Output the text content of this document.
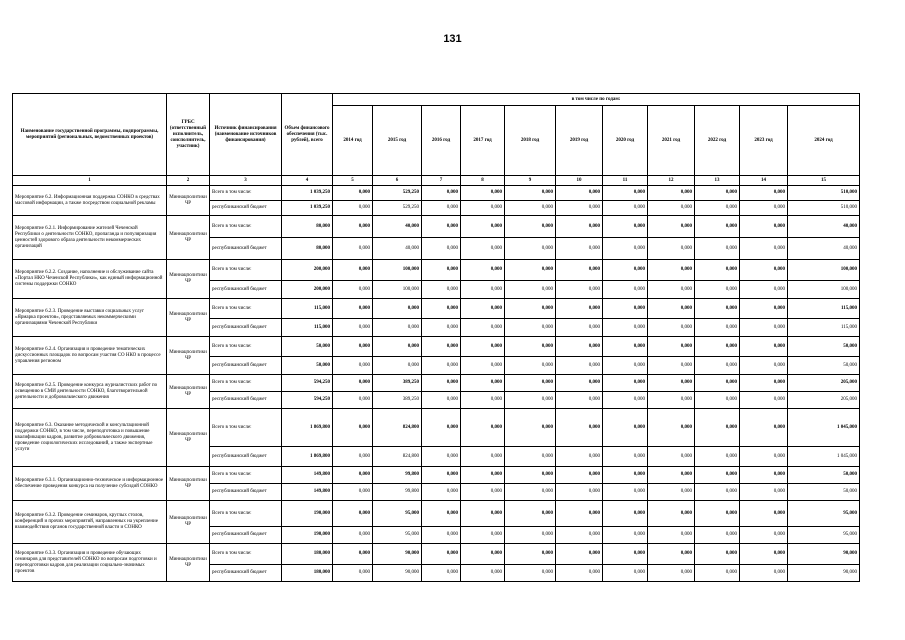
131
Наименование государственной программы, подпрограммы, мероприятий (региональных, ведомственных проектов)	ГРБС (ответственный исполнитель, соисполнитель, участник)	Источник финансирования (наименование источников финансирования)	Объем финансового обеспечения (тыс. рублей), всего	в том числе по годам:										
				2014 год	2015 год	2016 год	2017 год	2018 год	2019 год	2020 год	2021 год	2022 год	2023 год	2024 год
1	2	3	4	5	6	7	8	9	10	11	12	13	14	15
Мероприятие 6.2. Информационная поддержка СОНКО в средствах массовой информации, а также посредством социальной рекламы	Миннацполитики ЧР	Всего в том числе:	1 039,250	0,000	529,250	0,000	0,000	0,000	0,000	0,000	0,000	0,000	0,000	510,000
		республиканский бюджет	1 039,250	0,000	529,250	0,000	0,000	0,000	0,000	0,000	0,000	0,000	0,000	510,000
Мероприятие 6.2.1. Информирование жителей Чеченской Республики о деятельности СОНКО, пропаганда и популяризация ценностей здорового образа деятельности некоммерческих организаций	Миннацполитики ЧР	Всего в том числе:	80,000	0,000	40,000	0,000	0,000	0,000	0,000	0,000	0,000	0,000	0,000	40,000
		республиканский бюджет	80,000	0,000	40,000	0,000	0,000	0,000	0,000	0,000	0,000	0,000	0,000	40,000
Мероприятие 6.2.2. Создание, наполнение и обслуживание сайта «Портал НКО Чеченской Республики», как единый информационной системы поддержки СОНКО	Миннацполитики ЧР	Всего в том числе:	200,000	0,000	100,000	0,000	0,000	0,000	0,000	0,000	0,000	0,000	0,000	100,000
		республиканский бюджет	200,000	0,000	100,000	0,000	0,000	0,000	0,000	0,000	0,000	0,000	0,000	100,000
Мероприятие 6.2.3. Проведение выставки социальных услуг «Ярмарка проектов», представляемых некоммерческими организациями Чеченской Республики	Миннацполитики ЧР	Всего в том числе:	115,000	0,000	0,000	0,000	0,000	0,000	0,000	0,000	0,000	0,000	0,000	115,000
		республиканский бюджет	115,000	0,000	0,000	0,000	0,000	0,000	0,000	0,000	0,000	0,000	0,000	115,000
Мероприятие 6.2.4. Организация и проведение тематических дискуссионных площадок по вопросам участия СО НКО в процессе управления регионом	Миннацполитики ЧР	Всего в том числе:	50,000	0,000	0,000	0,000	0,000	0,000	0,000	0,000	0,000	0,000	0,000	50,000
		республиканский бюджет	50,000	0,000	0,000	0,000	0,000	0,000	0,000	0,000	0,000	0,000	0,000	50,000
Мероприятие 6.2.5. Проведение конкурса журналистских работ по освещению в СМИ деятельности СОНКО, благотворительной деятельности и добровольческого движения	Миннацполитики ЧР	Всего в том числе:	594,250	0,000	389,250	0,000	0,000	0,000	0,000	0,000	0,000	0,000	0,000	205,000
		республиканский бюджет	594,250	0,000	389,250	0,000	0,000	0,000	0,000	0,000	0,000	0,000	0,000	205,000
Мероприятие 6.3. Оказание методической и консультационной поддержки СОНКО, в том числе, переподготовка и повышение квалификации кадров, развитие добровольческого движения, проведение социологических исследований, а также экспертные услуги	Миннацполитики ЧР	Всего в том числе:	1 869,800	0,000	824,800	0,000	0,000	0,000	0,000	0,000	0,000	0,000	0,000	1 045,000
		республиканский бюджет	1 869,800	0,000	824,800	0,000	0,000	0,000	0,000	0,000	0,000	0,000	0,000	1 045,000
Мероприятие 6.3.1. Организационно-техническое и информационное обеспечение проведения конкурса на получение субсидий СОНКО	Миннацполитики ЧР	Всего в том числе:	149,800	0,000	99,800	0,000	0,000	0,000	0,000	0,000	0,000	0,000	0,000	50,000
		республиканский бюджет	149,800	0,000	99,800	0,000	0,000	0,000	0,000	0,000	0,000	0,000	0,000	50,000
Мероприятие 6.3.2. Проведение семинаров, круглых столов, конференций и прочих мероприятий, направленных на укрепление взаимодействия органов государственной власти и СОНКО	Миннацполитики ЧР	Всего в том числе:	190,000	0,000	95,000	0,000	0,000	0,000	0,000	0,000	0,000	0,000	0,000	95,000
		республиканский бюджет	190,000	0,000	95,000	0,000	0,000	0,000	0,000	0,000	0,000	0,000	0,000	95,000
Мероприятие 6.3.3. Организация и проведение обучающих семинаров для представителей СОНКО по вопросам подготовки и переподготовки кадров для реализации социально-значимых проектов	Миннацполитики ЧР	Всего в том числе:	180,000	0,000	90,000	0,000	0,000	0,000	0,000	0,000	0,000	0,000	0,000	90,000
		республиканский бюджет	180,000	0,000	90,000	0,000	0,000	0,000	0,000	0,000	0,000	0,000	0,000	90,000
